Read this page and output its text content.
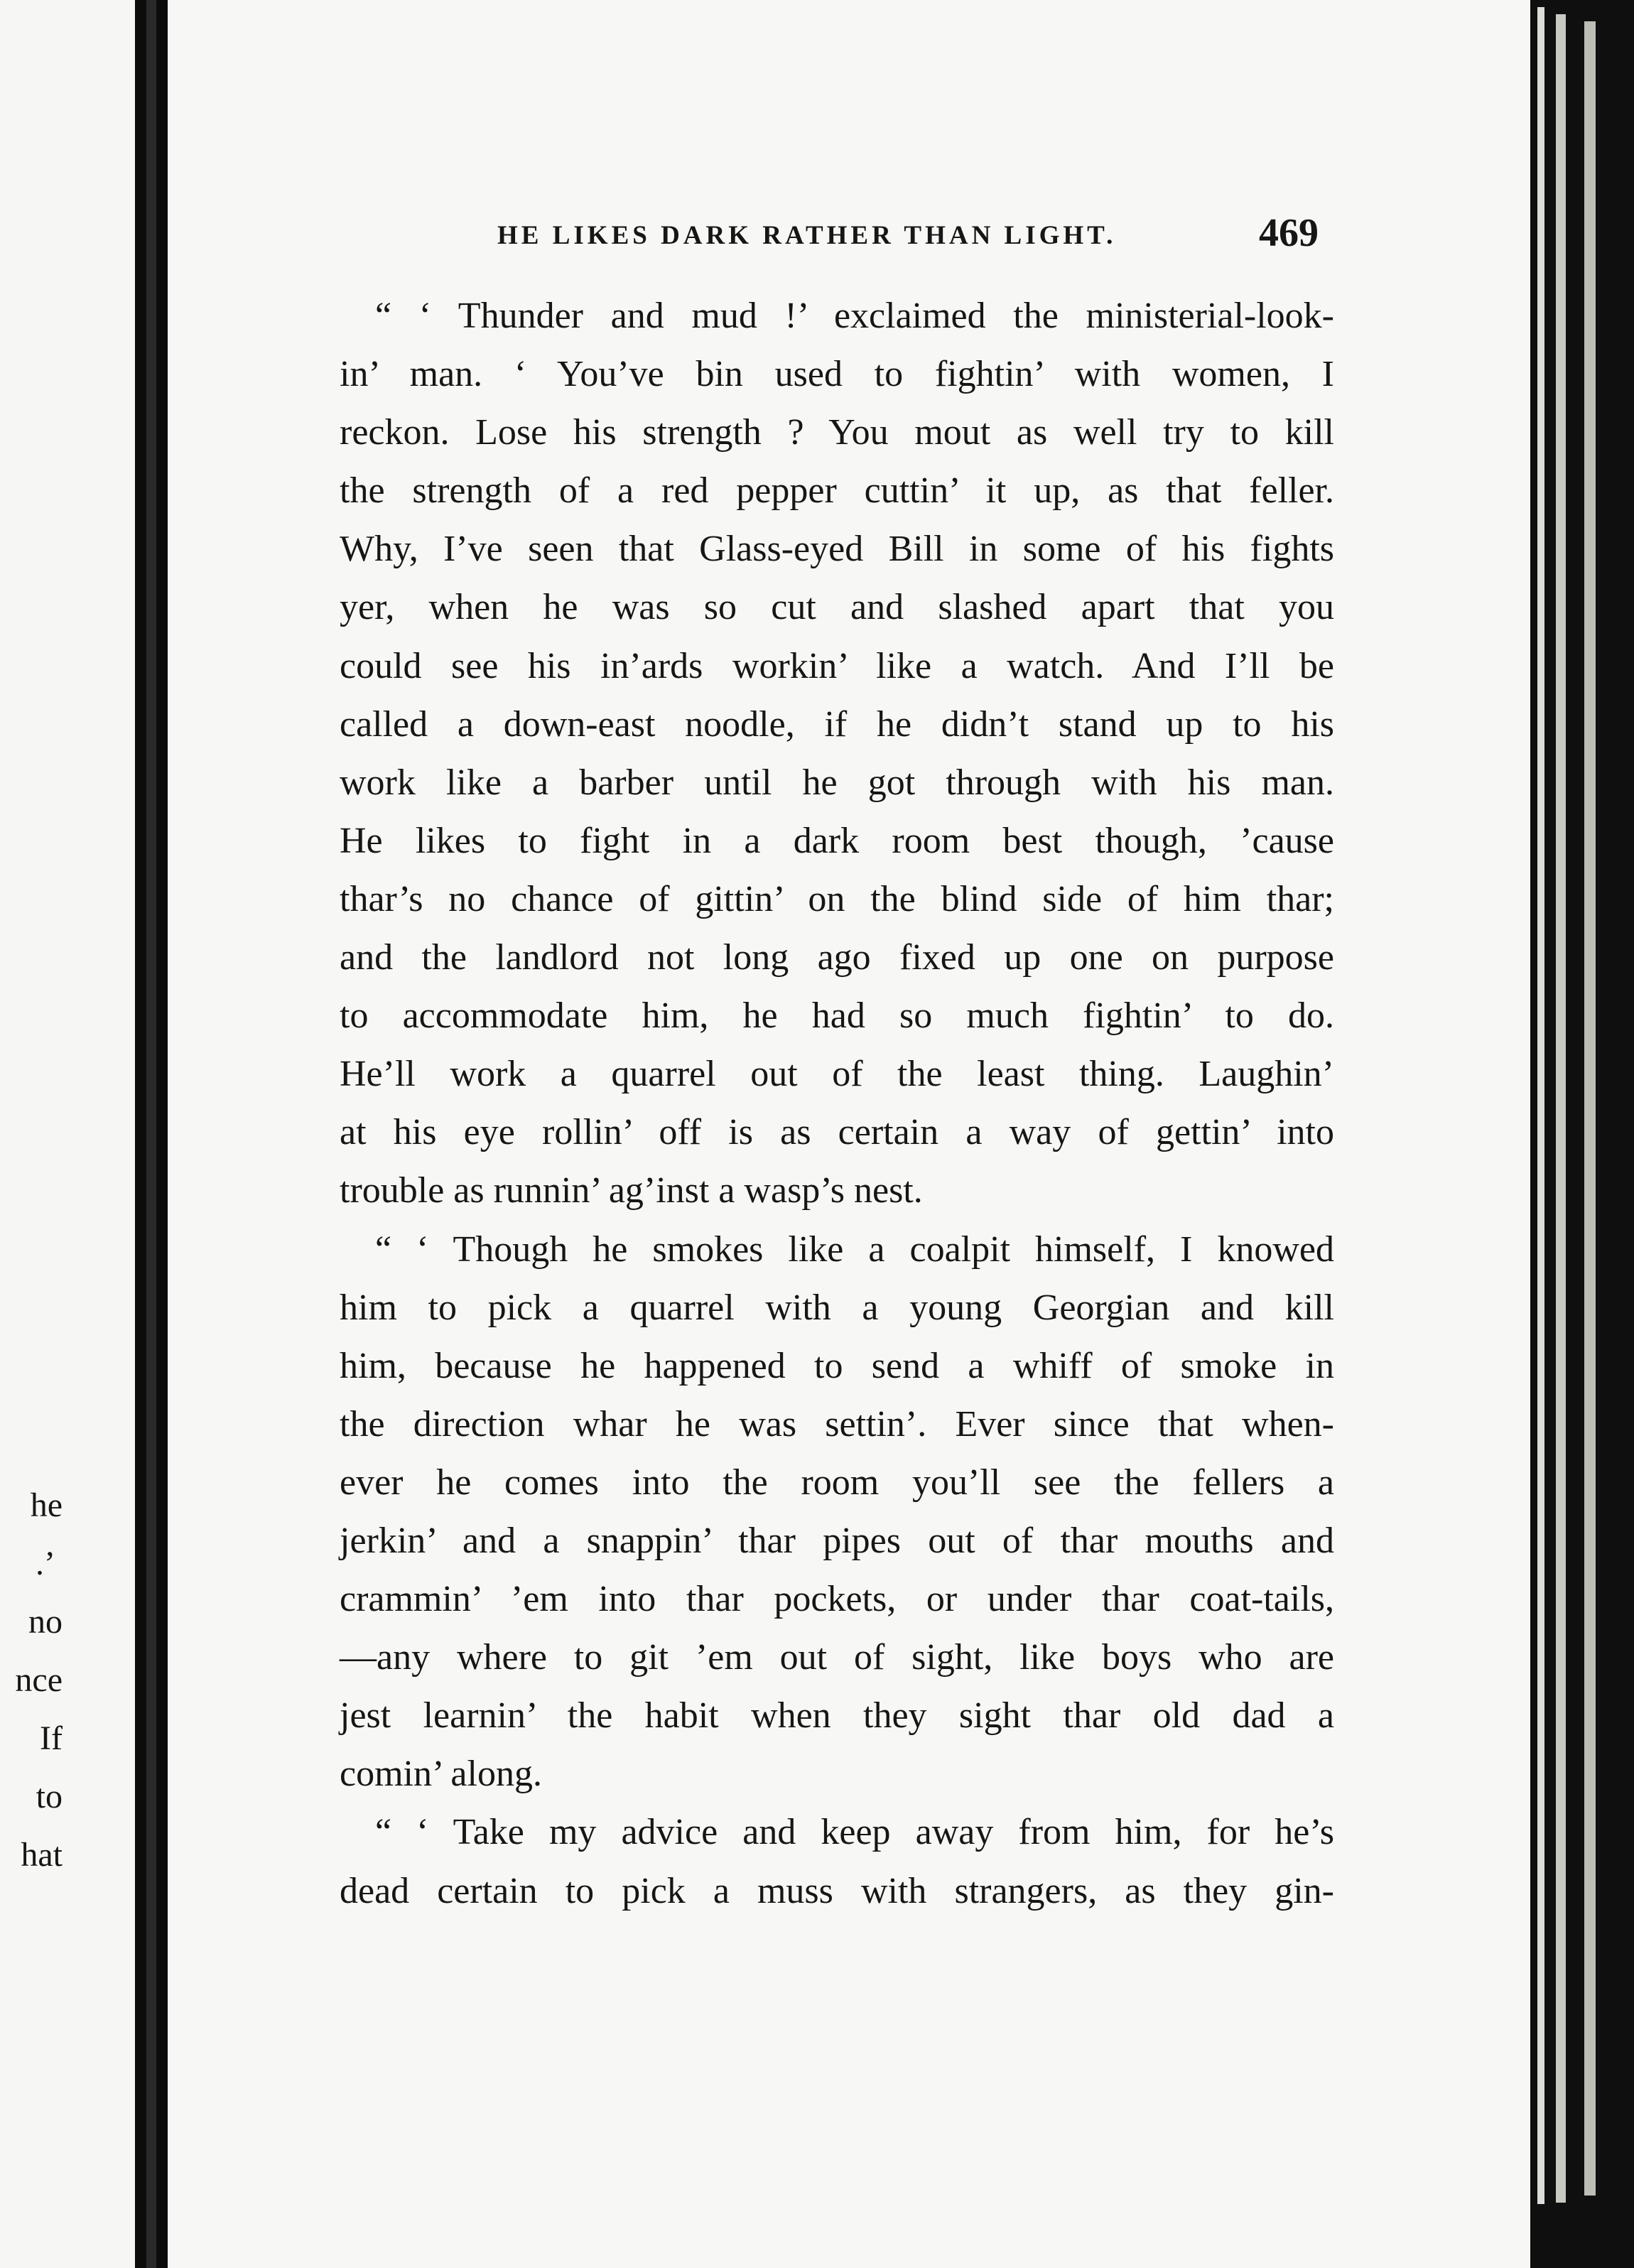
he
.’
no
nce
If
to
hat
HE LIKES DARK RATHER THAN LIGHT.	469
“ ‘ Thunder and mud !’ exclaimed the ministerial-look-
in’ man. ‘ You’ve bin used to fightin’ with women, I
reckon. Lose his strength ? You mout as well try to kill
the strength of a red pepper cuttin’ it up, as that feller.
Why, I’ve seen that Glass-eyed Bill in some of his fights
yer, when he was so cut and slashed apart that you
could see his in’ards workin’ like a watch. And I’ll be
called a down-east noodle, if he didn’t stand up to his
work like a barber until he got through with his man.
He likes to fight in a dark room best though, ’cause
thar’s no chance of gittin’ on the blind side of him thar;
and the landlord not long ago fixed up one on purpose
to accommodate him, he had so much fightin’ to do.
He’ll work a quarrel out of the least thing. Laughin’
at his eye rollin’ off is as certain a way of gettin’ into
trouble as runnin’ ag’inst a wasp’s nest.
“ ‘ Though he smokes like a coalpit himself, I knowed
him to pick a quarrel with a young Georgian and kill
him, because he happened to send a whiff of smoke in
the direction whar he was settin’. Ever since that when-
ever he comes into the room you’ll see the fellers a
jerkin’ and a snappin’ thar pipes out of thar mouths and
crammin’ ’em into thar pockets, or under thar coat-tails,
—any where to git ’em out of sight, like boys who are
jest learnin’ the habit when they sight thar old dad a
comin’ along.
“ ‘ Take my advice and keep away from him, for he’s
dead certain to pick a muss with strangers, as they gin-
